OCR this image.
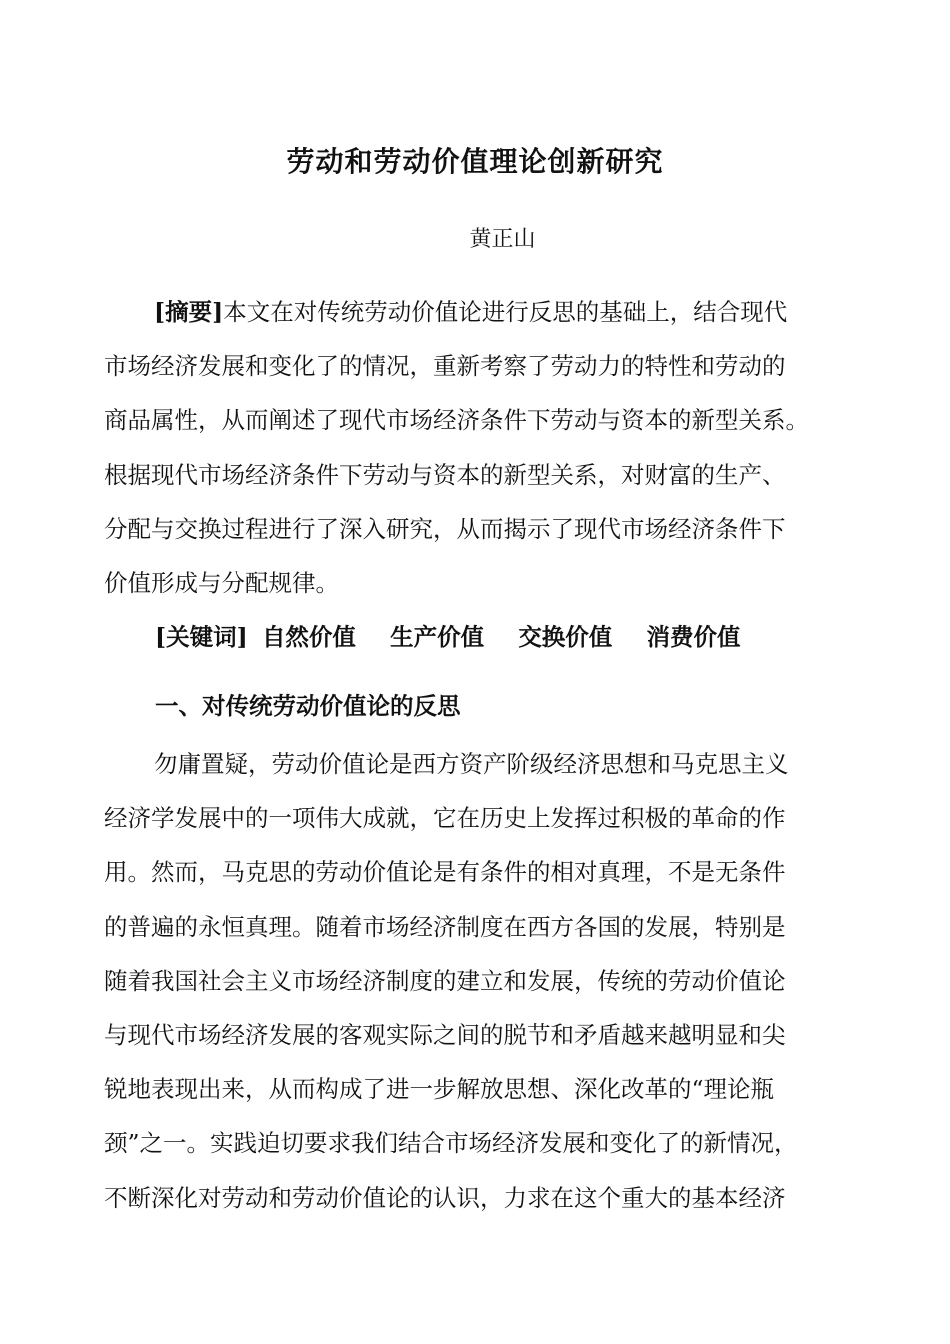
劳动和劳动价值理论创新研究
黄正山
[摘要]本文在对传统劳动价值论进行反思的基础上，结合现代
市场经济发展和变化了的情况，重新考察了劳动力的特性和劳动的
商品属性，从而阐述了现代市场经济条件下劳动与资本的新型关系。
根据现代市场经济条件下劳动与资本的新型关系，对财富的生产、
分配与交换过程进行了深入研究，从而揭示了现代市场经济条件下
价值形成与分配规律。
[关键词] 自然价值 生产价值 交换价值 消费价值
一、对传统劳动价值论的反思
勿庸置疑，劳动价值论是西方资产阶级经济思想和马克思主义
经济学发展中的一项伟大成就，它在历史上发挥过积极的革命的作
用。然而，马克思的劳动价值论是有条件的相对真理，不是无条件
的普遍的永恒真理。随着市场经济制度在西方各国的发展，特别是
随着我国社会主义市场经济制度的建立和发展，传统的劳动价值论
与现代市场经济发展的客观实际之间的脱节和矛盾越来越明显和尖
锐地表现出来，从而构成了进一步解放思想、深化改革的“理论瓶
颈”之一。实践迫切要求我们结合市场经济发展和变化了的新情况，
不断深化对劳动和劳动价值论的认识，力求在这个重大的基本经济
